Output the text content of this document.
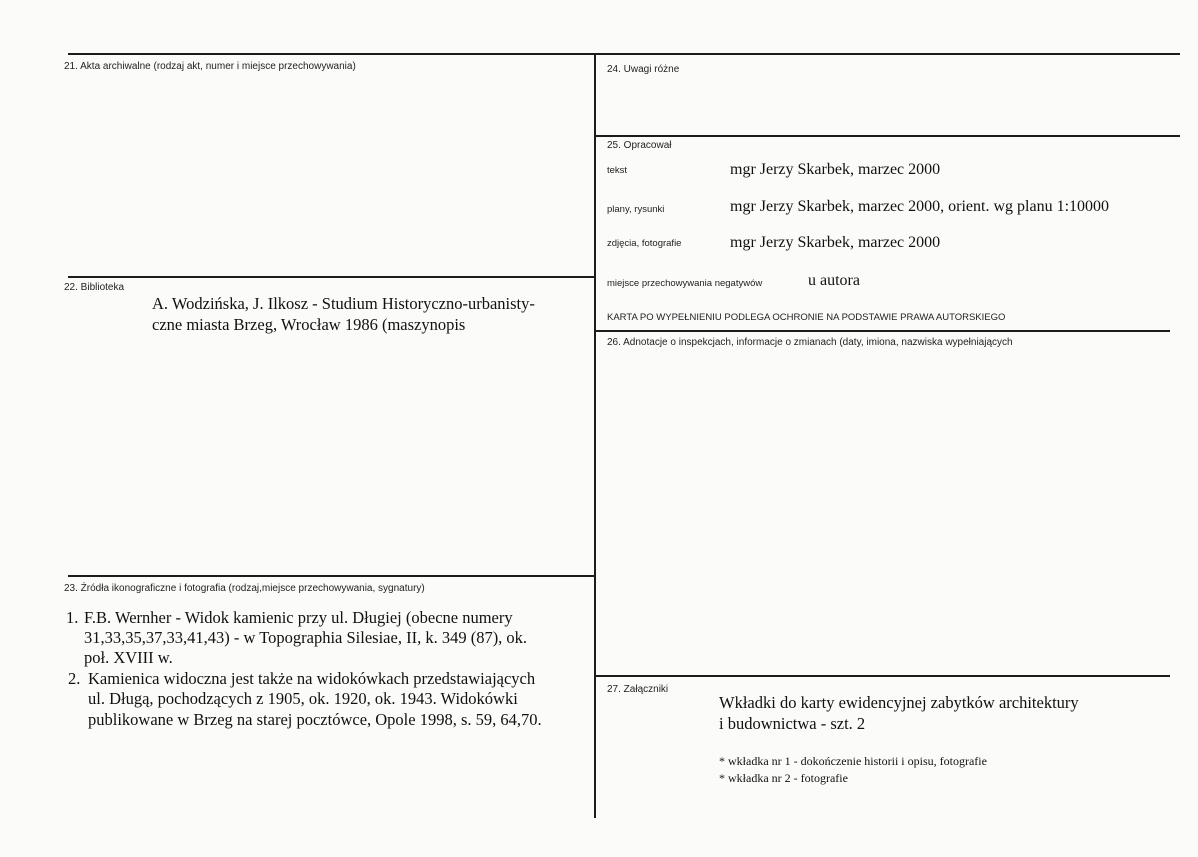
21. Akta archiwalne (rodzaj akt, numer i miejsce przechowywania)
22. Biblioteka
A. Wodzińska, J. Ilkosz - Studium Historyczno-urbanisty-
czne miasta Brzeg, Wrocław 1986 (maszynopis
23. Źródła ikonograficzne i fotografia (rodzaj,miejsce przechowywania, sygnatury)
1. F.B. Wernher - Widok kamienic przy ul. Długiej (obecne numery
31,33,35,37,33,41,43) - w Topographia Silesiae, II, k. 349 (87), ok.
poł. XVIII w.
2. Kamienica widoczna jest także na widokówkach przedstawiających
ul. Długą, pochodzących z 1905, ok. 1920, ok. 1943. Widokówki
publikowane w Brzeg na starej pocztówce, Opole 1998, s. 59, 64,70.
24. Uwagi różne
25. Opracował
tekst	mgr Jerzy Skarbek, marzec 2000
plany, rysunki	mgr Jerzy Skarbek, marzec 2000, orient. wg planu 1:10000
zdjęcia, fotografie	mgr Jerzy Skarbek, marzec 2000
miejsce przechowywania negatywów	u autora
KARTA PO WYPEŁNIENIU PODLEGA OCHRONIE NA PODSTAWIE PRAWA AUTORSKIEGO
26. Adnotacje o inspekcjach, informacje o zmianach (daty, imiona, nazwiska wypełniających
27. Załączniki
Wkładki do karty ewidencyjnej zabytków architektury
i budownictwa - szt. 2
* wkładka nr 1 - dokończenie historii i opisu, fotografie
* wkładka nr 2 - fotografie
